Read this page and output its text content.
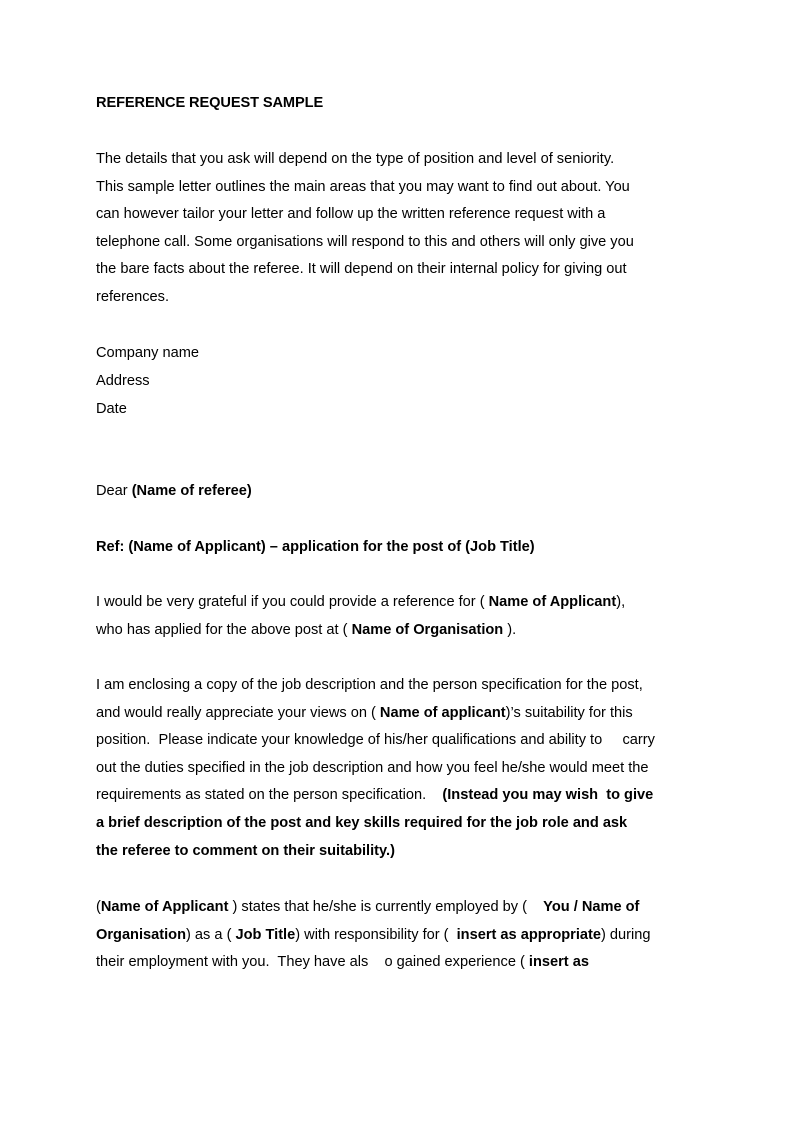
REFERENCE REQUEST SAMPLE
The details that you ask will depend on the type of position and level of seniority.
This sample letter outlines the main areas that you may want to find out about. You
can however tailor your letter and follow up the written reference request with a
telephone call. Some organisations will respond to this and others will only give you
the bare facts about the referee. It will depend on their internal policy for giving out
references.
Company name
Address
Date
Dear (Name of referee)
Ref: (Name of Applicant) – application for the post of (Job Title)
I would be very grateful if you could provide a reference for ( Name of Applicant),
who has applied for the above post at ( Name of Organisation ).
I am enclosing a copy of the job description and the person specification for the post,
and would really appreciate your views on ( Name of applicant)’s suitability for this
position.  Please indicate your knowledge of his/her qualifications and ability to     carry
out the duties specified in the job description and how you feel he/she would meet the
requirements as stated on the person specification.    (Instead you may wish  to give
a brief description of the post and key skills required for the job role and ask
the referee to comment on their suitability.)
(Name of Applicant ) states that he/she is currently employed by (    You / Name of
Organisation) as a ( Job Title) with responsibility for (  insert as appropriate) during
their employment with you.  They have als    o gained experience ( insert as
